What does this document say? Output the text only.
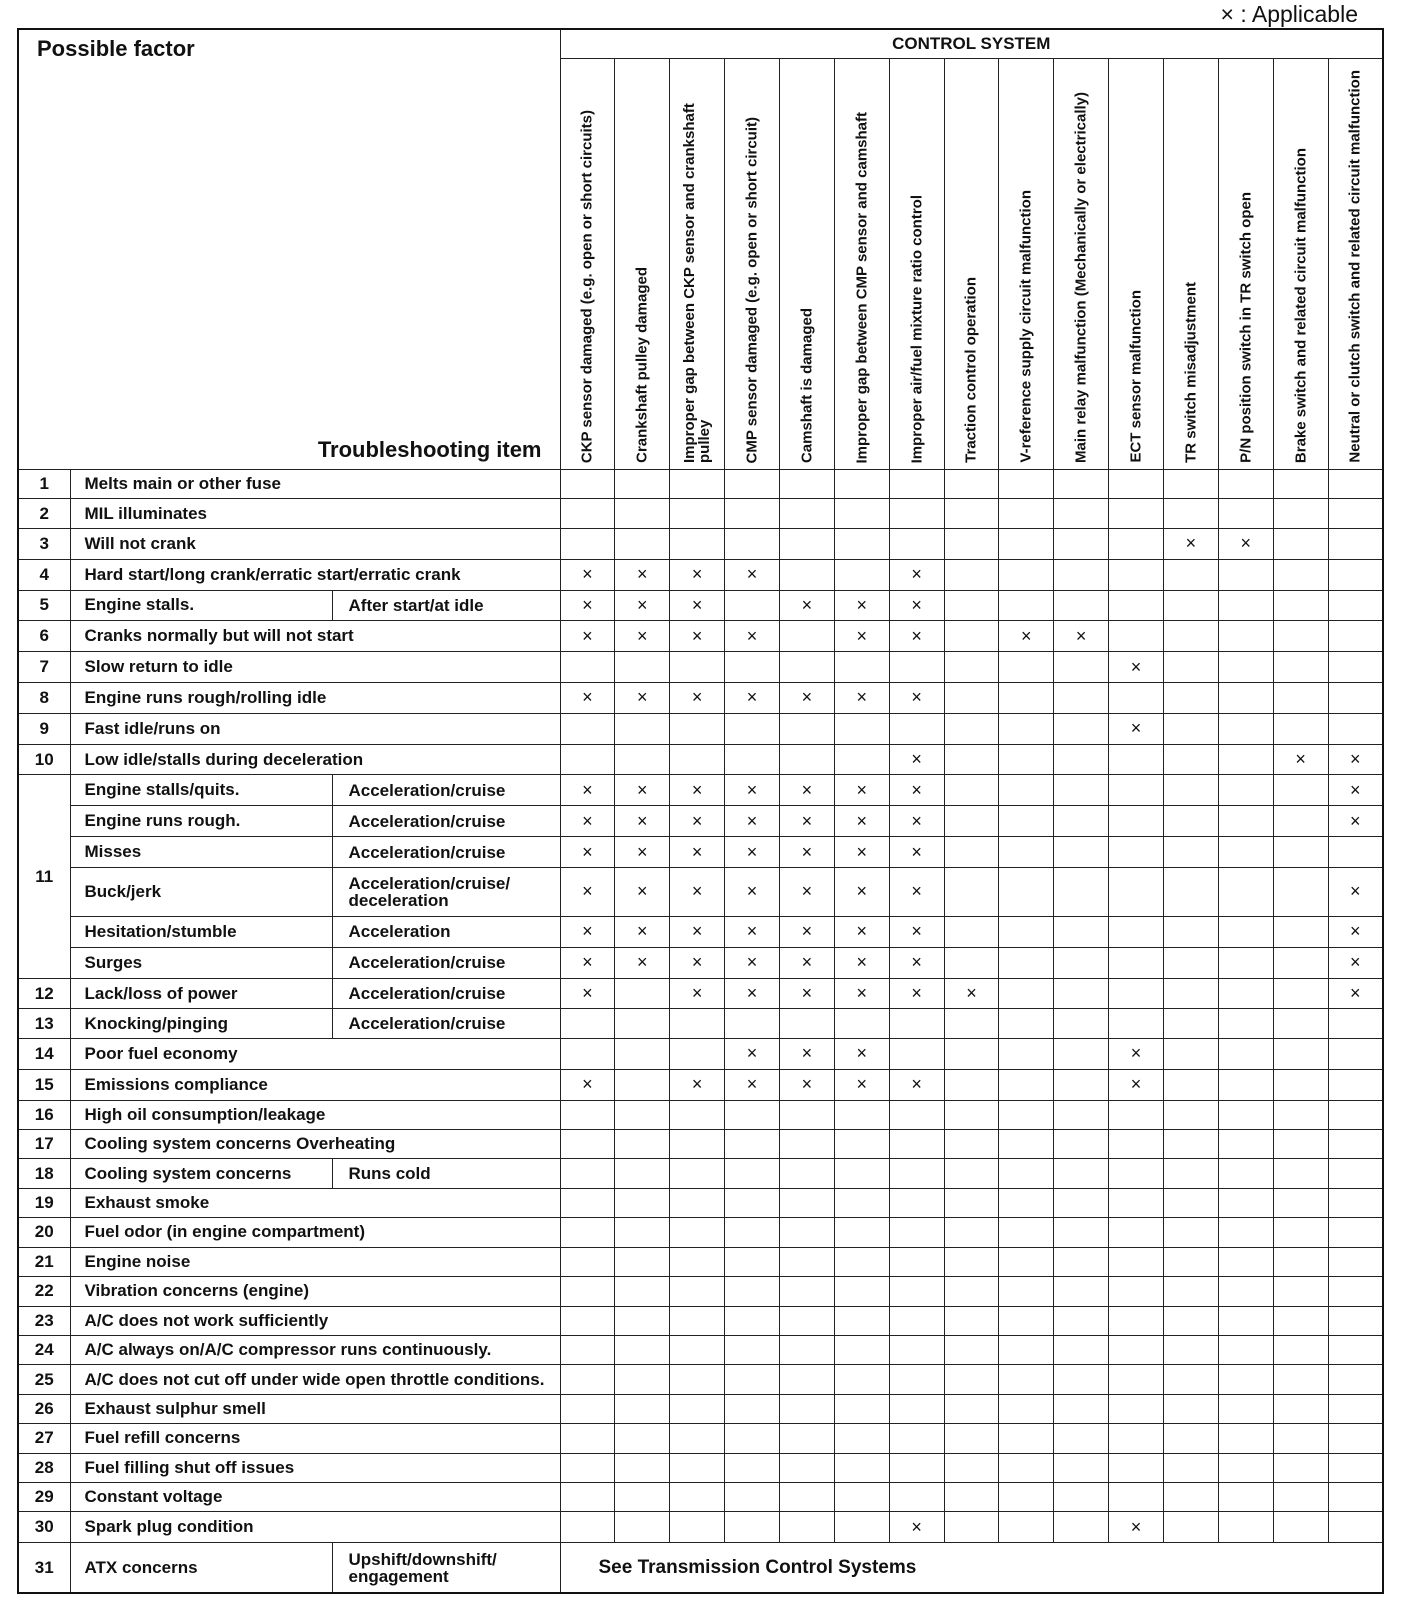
× : Applicable
Possible factor
Troubleshooting item			CONTROL SYSTEM														

			CKP sensor damaged (e.g. open or short circuits)	Crankshaft pulley damaged	Improper gap between CKP sensor and crankshaft pulley	CMP sensor damaged (e.g. open or short circuit)	Camshaft is damaged	Improper gap between CMP sensor and camshaft	Improper air/fuel mixture ratio control	Traction control operation	V-reference supply circuit malfunction	Main relay malfunction (Mechanically or electrically)	ECT sensor malfunction	TR switch misadjustment	P/N position switch in TR switch open	Brake switch and related circuit malfunction	Neutral or clutch switch and related circuit malfunction

1	Melts main or other fuse																
2	MIL illuminates																
3	Will not crank													×	×		
4	Hard start/long crank/erratic start/erratic crank		×	×	×	×			×								
5	Engine stalls.	After start/at idle	×	×	×		×	×	×								
6	Cranks normally but will not start		×	×	×	×		×	×		×	×					
7	Slow return to idle												×				
8	Engine runs rough/rolling idle		×	×	×	×	×	×	×								
9	Fast idle/runs on												×				
10	Low idle/stalls during deceleration								×							×	×
11	Engine stalls/quits.	Acceleration/cruise	×	×	×	×	×	×	×								×
	Engine runs rough.	Acceleration/cruise	×	×	×	×	×	×	×								×
	Misses	Acceleration/cruise	×	×	×	×	×	×	×								
	Buck/jerk	Acceleration/cruise/ deceleration	×	×	×	×	×	×	×								×
	Hesitation/stumble	Acceleration	×	×	×	×	×	×	×								×
	Surges	Acceleration/cruise	×	×	×	×	×	×	×								×
12	Lack/loss of power	Acceleration/cruise	×		×	×	×	×	×	×							×
13	Knocking/pinging	Acceleration/cruise															
14	Poor fuel economy					×	×	×					×				
15	Emissions compliance		×		×	×	×	×	×				×				
16	High oil consumption/leakage																
17	Cooling system concerns Overheating																
18	Cooling system concerns	Runs cold															
19	Exhaust smoke																
20	Fuel odor (in engine compartment)																
21	Engine noise																
22	Vibration concerns (engine)																
23	A/C does not work sufficiently																
24	A/C always on/A/C compressor runs continuously.																
25	A/C does not cut off under wide open throttle conditions.																
26	Exhaust sulphur smell																
27	Fuel refill concerns																
28	Fuel filling shut off issues																
29	Constant voltage																
30	Spark plug condition								×				×				
31	ATX concerns	Upshift/downshift/ engagement	See Transmission Control Systems														
